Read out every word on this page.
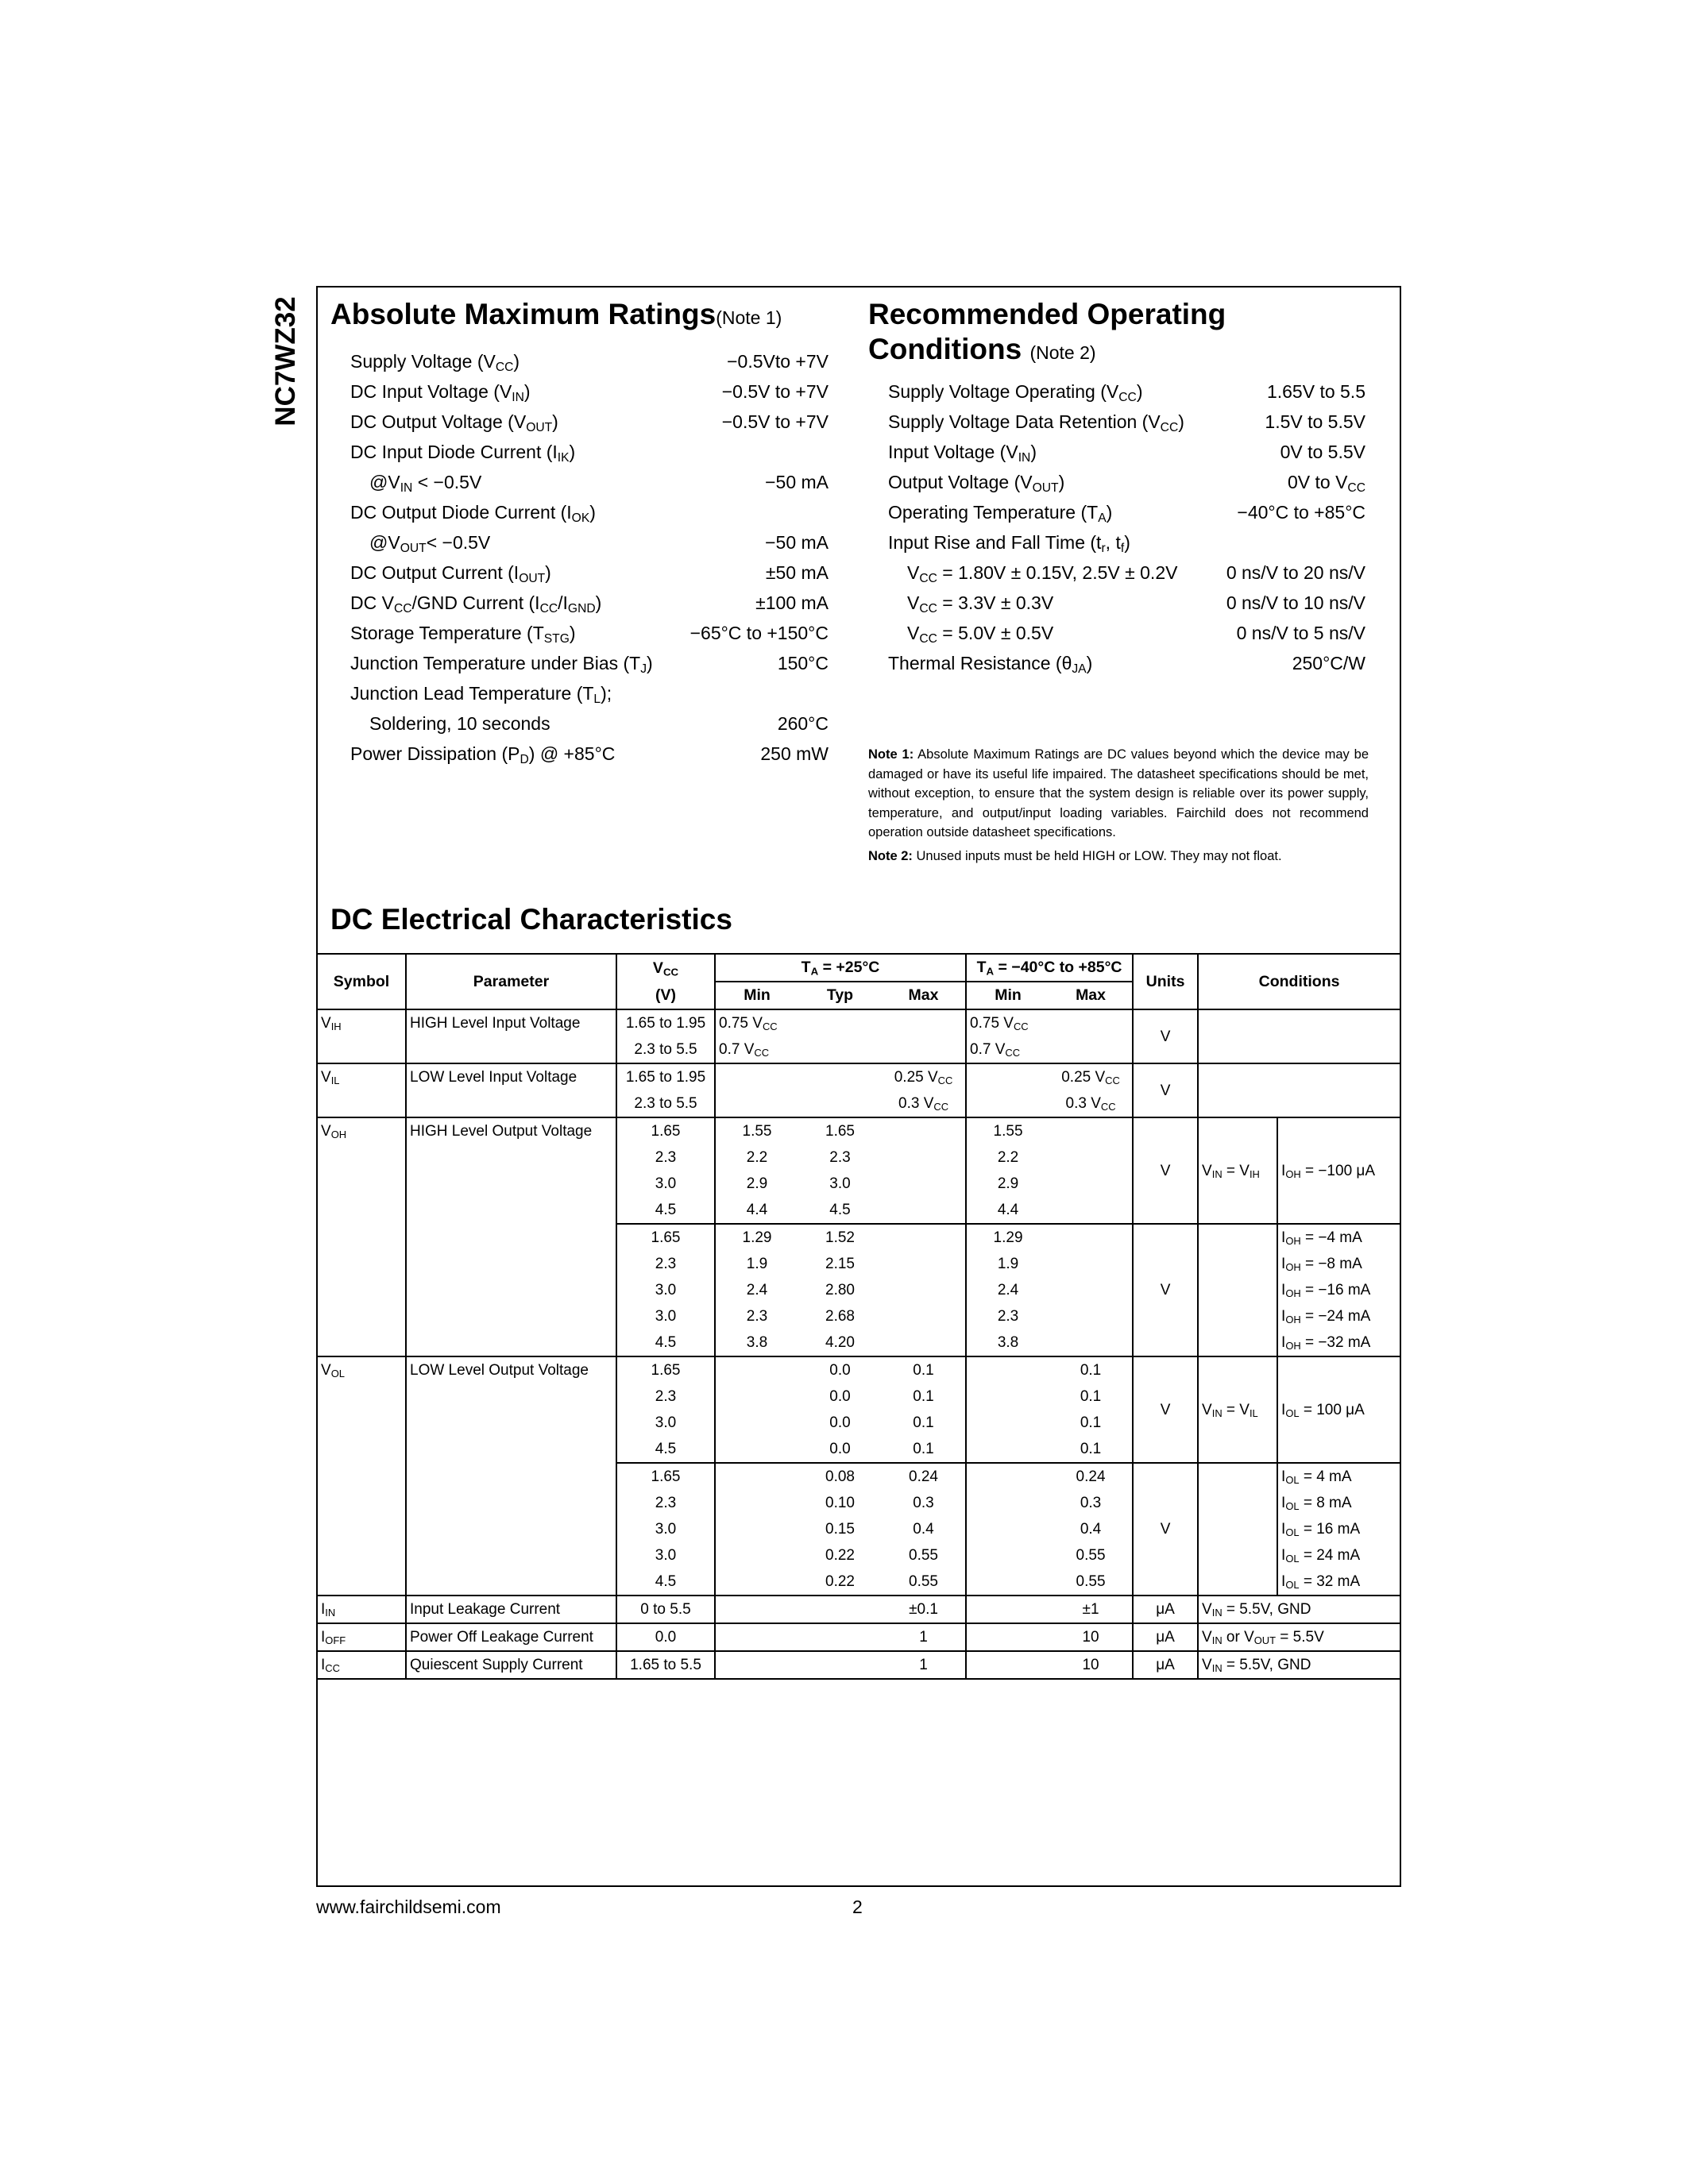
NC7WZ32 Absolute Maximum Ratings(Note 1)
Supply Voltage $(V_{CC})$	−0.5Vto +7V
DC Input Voltage $(V_{IN})$	−0.5V to +7V
DC Output Voltage $(V_{OUT})$	−0.5V to +7V
DC Input Diode Current $(I_{IK})$
$@V_{IN} < -0.5V$	−50 mA
DC Output Diode Current $(I_{OK})$
$@V_{OUT}< -0.5V$	−50 mA
DC Output Current $(I_{OUT})$	±50 mA
DC $V_{CC}$/GND Current $(I_{CC}/I_{GND})$	±100 mA
Storage Temperature $(T_{STG})$	−65°C to +150°C
Junction Temperature under Bias $(T_J)$	150°C
Junction Lead Temperature $(T_L)$;
Soldering, 10 seconds	260°C
Power Dissipation $(P_D)$ @ +85°C	250 mW
Recommended Operating
Conditions (Note 2)
Supply Voltage Operating $(V_{CC})$	1.65V to 5.5
Supply Voltage Data Retention $(V_{CC})$	1.5V to 5.5V
Input Voltage $(V_{IN})$	0V to 5.5V
Output Voltage $(V_{OUT})$	0V to $V_{CC}$
Operating Temperature $(T_A)$	−40°C to +85°C
Input Rise and Fall Time ($t_r$, $t_f$)
$V_{CC} = 1.80V \pm 0.15V$, 2.5V ± 0.2V	0 ns/V to 20 ns/V
$V_{CC} = 3.3V \pm 0.3V$	0 ns/V to 10 ns/V
$V_{CC} = 5.0V \pm 0.5V$	0 ns/V to 5 ns/V
Thermal Resistance $(\theta_{JA})$	250°C/W

Note 1: Absolute Maximum Ratings are DC values beyond which the device may be damaged or have its useful life impaired. The datasheet specifications should be met, without exception, to ensure that the system design is reliable over its power supply, temperature, and output/input loading variables. Fairchild does not recommend operation outside datasheet specifications.

Note 2: Unused inputs must be held HIGH or LOW. They may not float.

DC Electrical Characteristics
Symbol	Parameter	$V_{CC}$	$T_A = +25^\circ C$			$T_A = -40^\circ C$ to +85°C		Units	Conditions	
		(V)	Min	Typ	Max	Min	Max			
$V_{IH}$	HIGH Level Input Voltage	1.65 to 1.95	0.75 $V_{CC}$			0.75 $V_{CC}$		V		
		2.3 to 5.5	0.7 $V_{CC}$			0.7 $V_{CC}$	
$V_{IL}$	LOW Level Input Voltage	1.65 to 1.95			0.25 $V_{CC}$		0.25 $V_{CC}$	V		
		2.3 to 5.5			0.3 $V_{CC}$		0.3 $V_{CC}$
$V_{OH}$	HIGH Level Output Voltage	1.65	1.55	1.65		1.55		V	$V_{IN} = V_{IH}$	$I_{OH} = -100$ μA
		2.3	2.2	2.3		2.2				
		3.0	2.9	3.0		2.9				
		4.5	4.4	4.5		4.4				
		1.65	1.29	1.52		1.29		V		$I_{OH} = -4$ mA
		2.3	1.9	2.15		1.9				$I_{OH} = -8$ mA
		3.0	2.4	2.80		2.4				$I_{OH} = -16$ mA
		3.0	2.3	2.68		2.3				$I_{OH} = -24$ mA
		4.5	3.8	4.20		3.8				$I_{OH} = -32$ mA
$V_{OL}$	LOW Level Output Voltage	1.65		0.0	0.1		0.1	V	$V_{IN} = V_{IL}$	$I_{OL} = 100$ μA
		2.3		0.0	0.1		0.1			
		3.0		0.0	0.1		0.1			
		4.5		0.0	0.1		0.1			
		1.65		0.08	0.24		0.24	V		$I_{OL} = 4$ mA
		2.3		0.10	0.3		0.3			$I_{OL} = 8$ mA
		3.0		0.15	0.4		0.4			$I_{OL} = 16$ mA
		3.0		0.22	0.55		0.55			$I_{OL} = 24$ mA
		4.5		0.22	0.55		0.55			$I_{OL} = 32$ mA
$I_{IN}$	Input Leakage Current	0 to 5.5			±0.1		±1	μA	$V_{IN} = 5.5V$, GND	
$I_{OFF}$	Power Off Leakage Current	0.0			1		10	μA	$V_{IN}$ or $V_{OUT} = 5.5V$	
$I_{CC}$	Quiescent Supply Current	1.65 to 5.5			1		10	μA	$V_{IN} = 5.5V$, GND	
www.fairchildsemi.com	2
